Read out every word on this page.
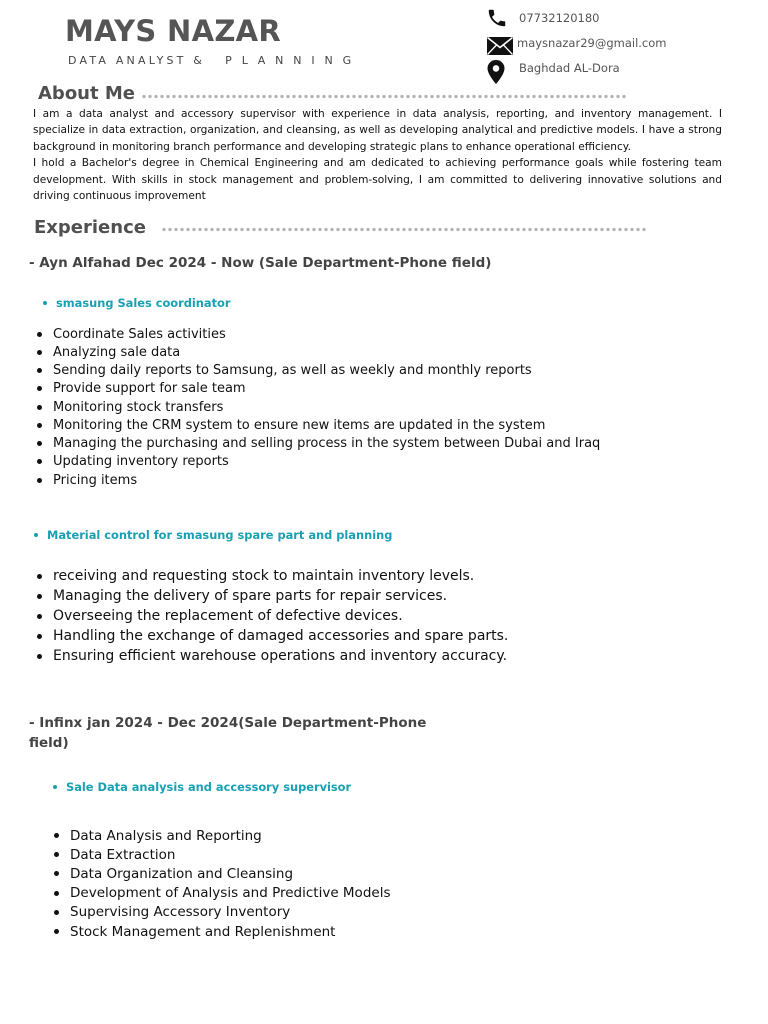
MAYS NAZAR
DATA ANALYST &   P L A N N I N G
07732120180
maysnazar29@gmail.com
Baghdad AL-Dora
About Me

I am a data analyst and accessory supervisor with experience in data analysis, reporting, and inventory management. I specialize in data extraction, organization, and cleansing, as well as developing analytical and predictive models. I have a strong background in monitoring branch performance and developing strategic plans to enhance operational efficiency.

I hold a Bachelor's degree in Chemical Engineering and am dedicated to achieving performance goals while fostering team development. With skills in stock management and problem-solving, I am committed to delivering innovative solutions and driving continuous improvement

Experience
- Ayn Alfahad Dec 2024 - Now (Sale Department-Phone field)
smasung Sales coordinator
Coordinate Sales activities
Analyzing sale data
Sending daily reports to Samsung, as well as weekly and monthly reports
Provide support for sale team
Monitoring stock transfers
Monitoring the CRM system to ensure new items are updated in the system
Managing the purchasing and selling process in the system between Dubai and Iraq
Updating inventory reports
Pricing items
Material control for smasung spare part and planning
receiving and requesting stock to maintain inventory levels.
Managing the delivery of spare parts for repair services.
Overseeing the replacement of defective devices.
Handling the exchange of damaged accessories and spare parts.
Ensuring efficient warehouse operations and inventory accuracy.
- Infinx jan 2024 - Dec 2024(Sale Department-Phone
field)
Sale Data analysis and accessory supervisor
Data Analysis and Reporting
Data Extraction
Data Organization and Cleansing
Development of Analysis and Predictive Models
Supervising Accessory Inventory
Stock Management and Replenishment
